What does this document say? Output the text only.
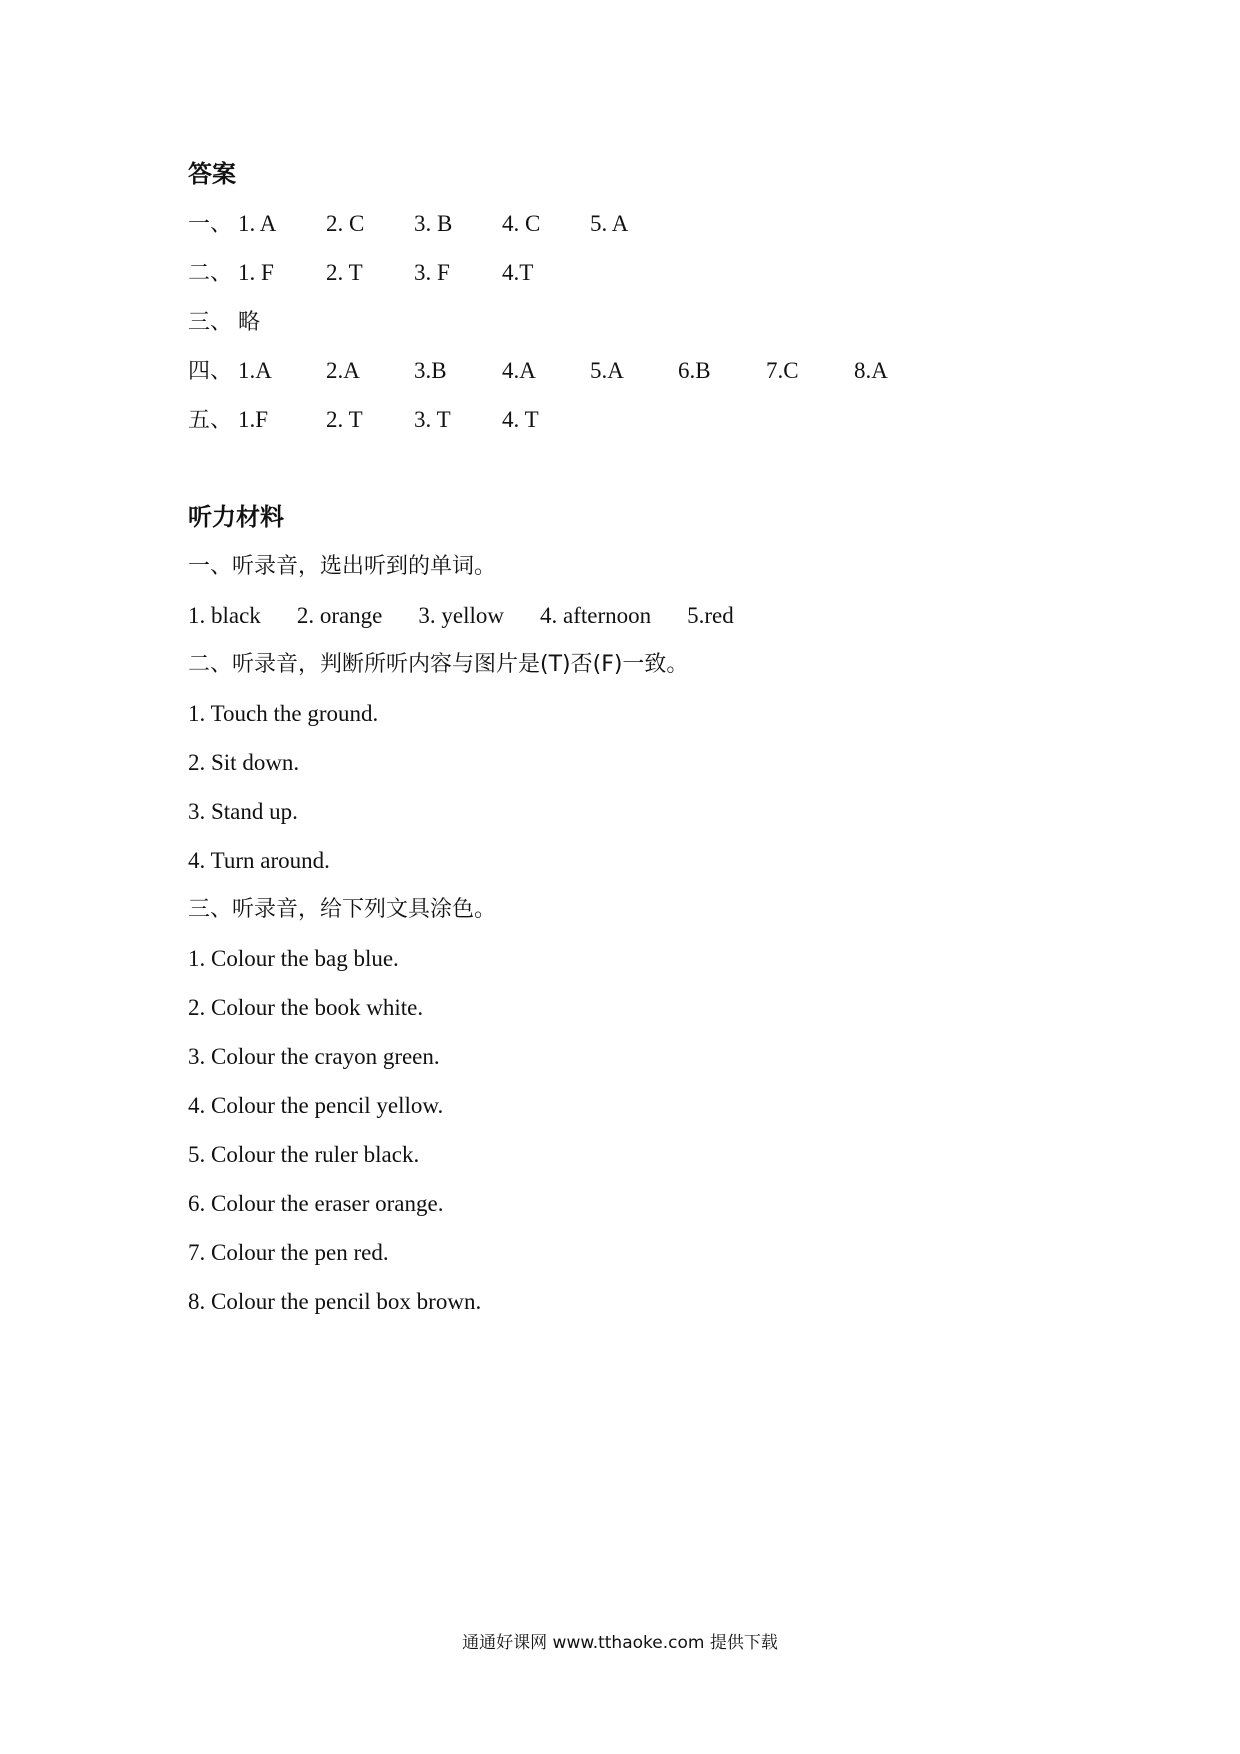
答案
一、 1. A 2. C 3. B 4. C 5. A
二、 1. F 2. T 3. F 4.T
三、 略
四、 1.A 2.A 3.B 4.A 5.A 6.B 7.C 8.A
五、 1.F	2. T 3. T 4. T
听力材料
一、听录音，选出听到的单词。
1. black 2. orange 3. yellow 4. afternoon 5.red
二、听录音，判断所听内容与图片是(T)否(F)一致。
1. Touch the ground.
2. Sit down.
3. Stand up.
4. Turn around.
三、听录音，给下列文具涂色。
1. Colour the bag blue.
2. Colour the book white.
3. Colour the crayon green.
4. Colour the pencil yellow.
5. Colour the ruler black.
6. Colour the eraser orange.
7. Colour the pen red.
8. Colour the pencil box brown.
通通好课网 www.tthaoke.com 提供下载
